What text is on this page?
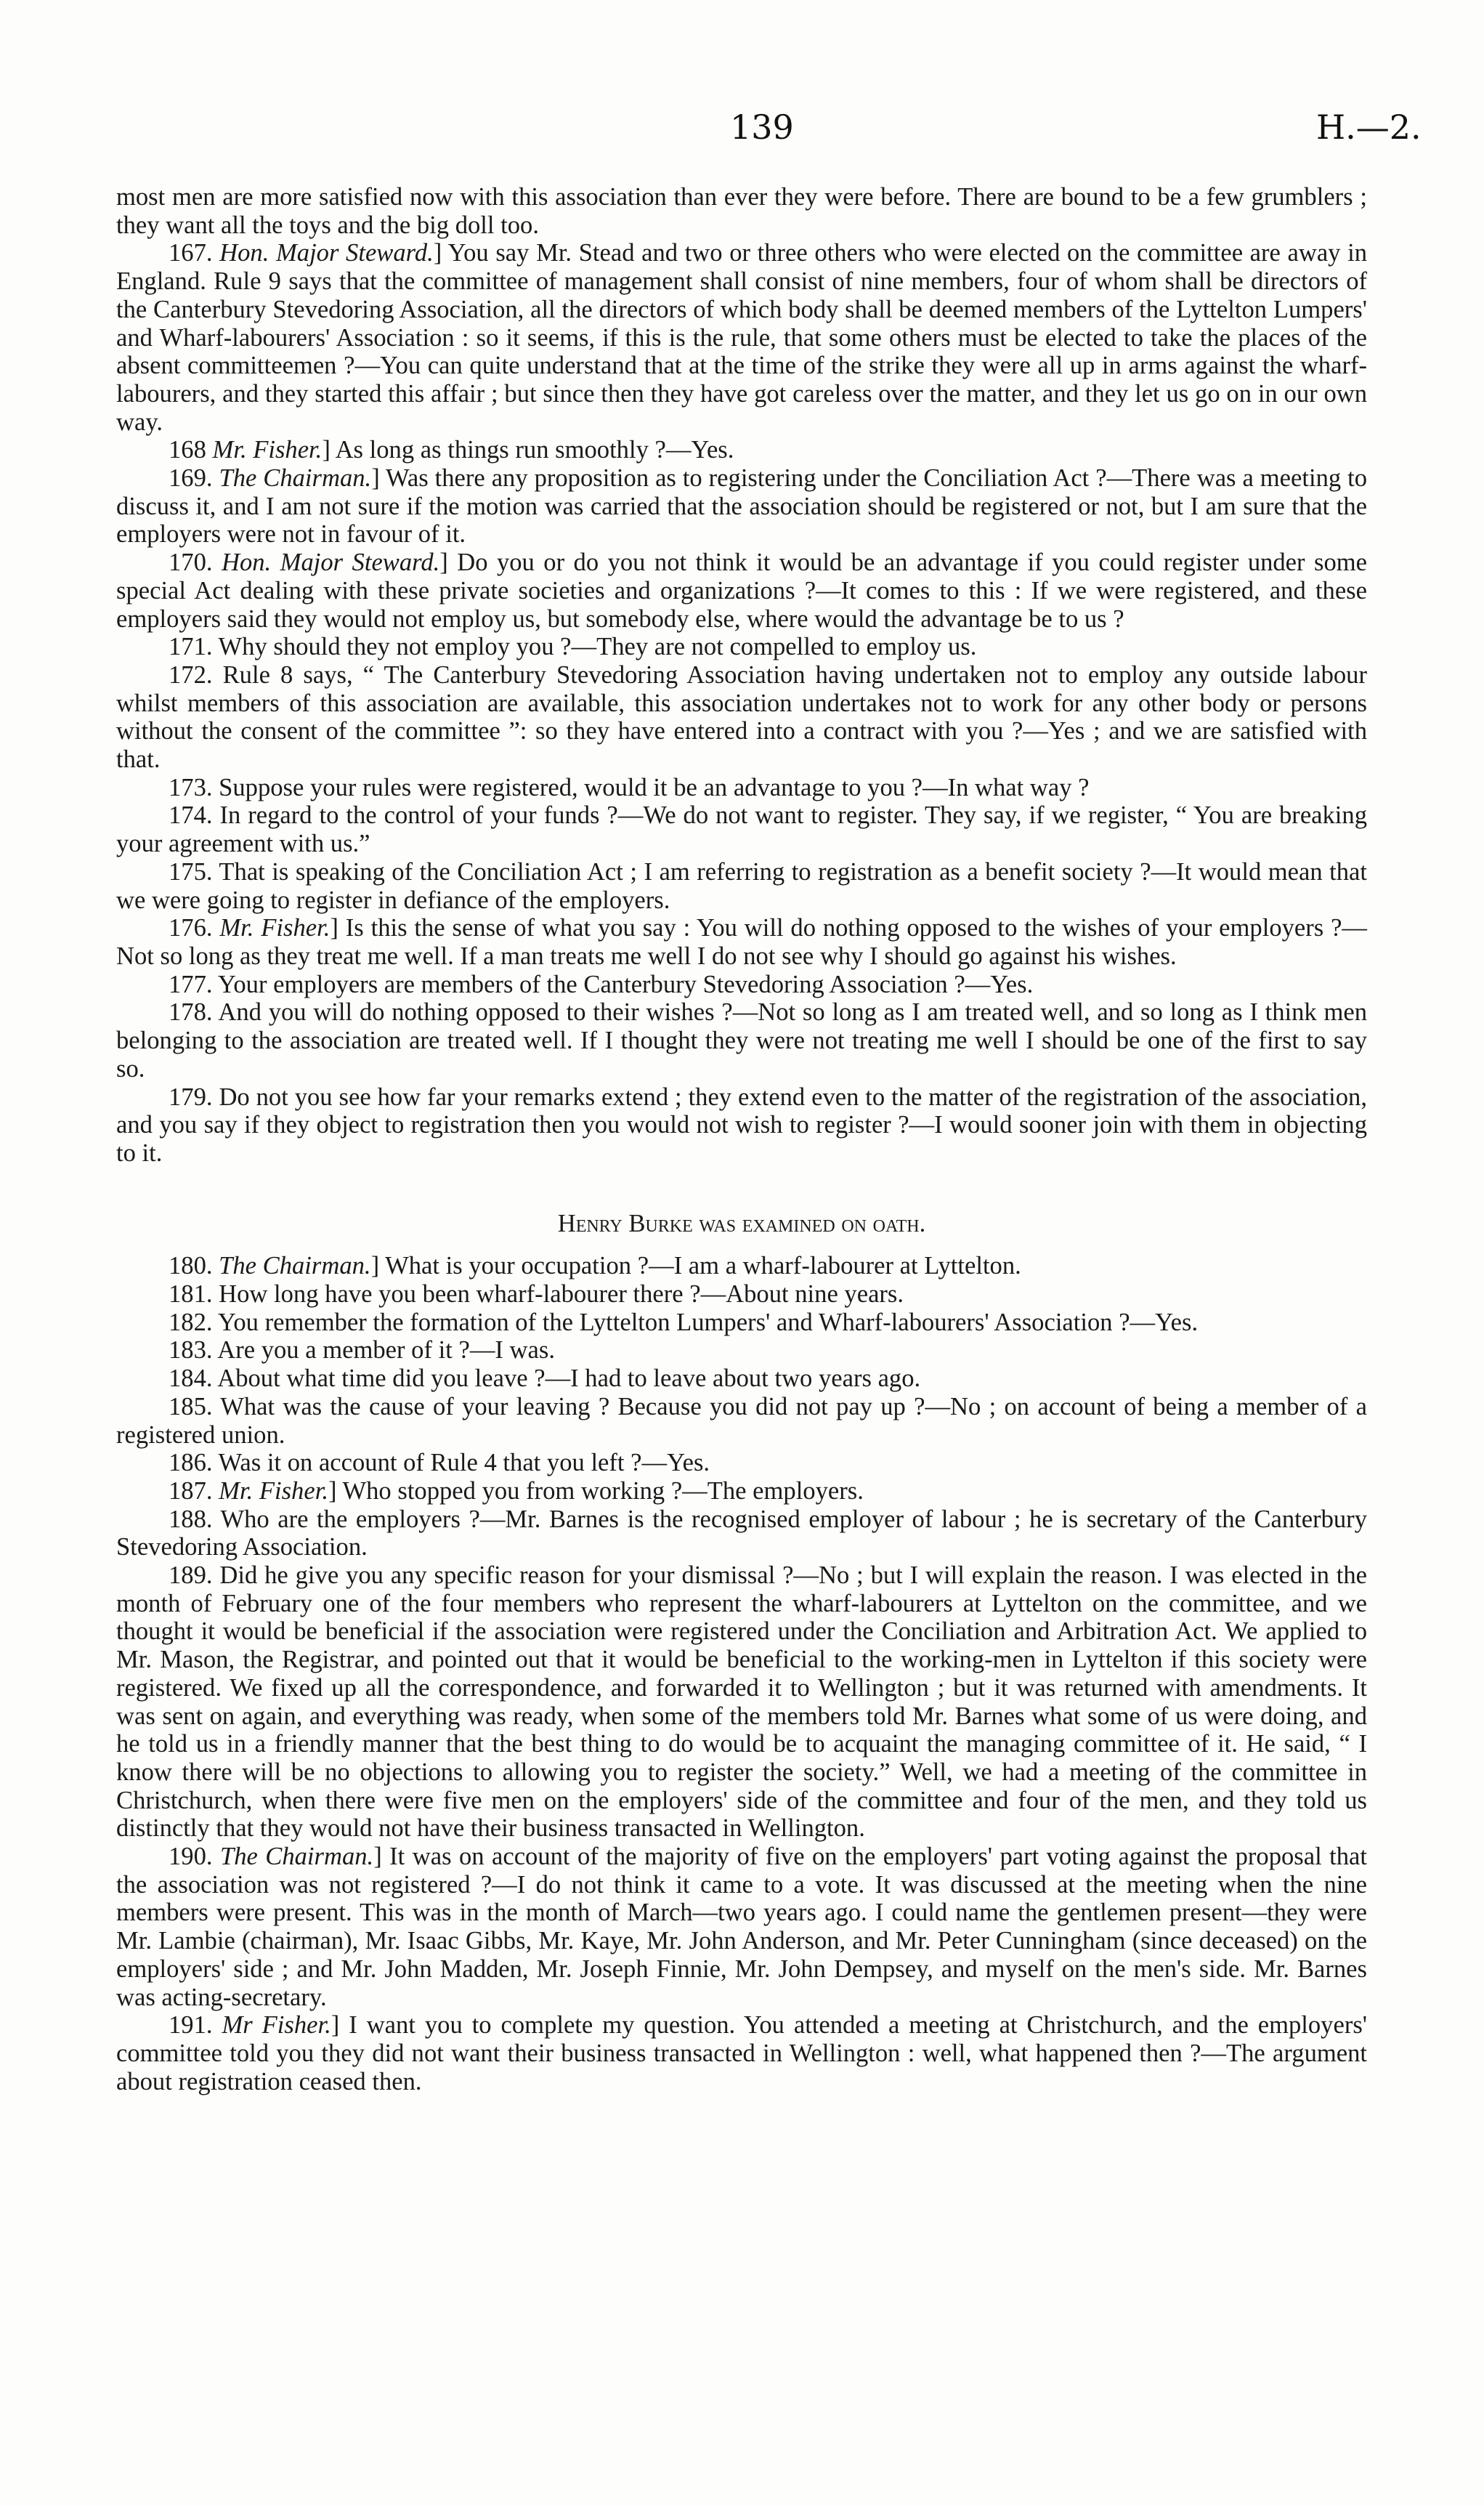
139	H.—2.

most men are more satisfied now with this association than ever they were before. There are bound to be a few grumblers ; they want all the toys and the big doll too.

167. Hon. Major Steward.] You say Mr. Stead and two or three others who were elected on the committee are away in England. Rule 9 says that the committee of management shall consist of nine members, four of whom shall be directors of the Canterbury Stevedoring Association, all the directors of which body shall be deemed members of the Lyttelton Lumpers' and Wharf-labourers' Association : so it seems, if this is the rule, that some others must be elected to take the places of the absent committeemen ?—You can quite understand that at the time of the strike they were all up in arms against the wharf-labourers, and they started this affair ; but since then they have got careless over the matter, and they let us go on in our own way.

168 Mr. Fisher.] As long as things run smoothly ?—Yes.

169. The Chairman.] Was there any proposition as to registering under the Conciliation Act ?—There was a meeting to discuss it, and I am not sure if the motion was carried that the association should be registered or not, but I am sure that the employers were not in favour of it.

170. Hon. Major Steward.] Do you or do you not think it would be an advantage if you could register under some special Act dealing with these private societies and organizations ?—It comes to this : If we were registered, and these employers said they would not employ us, but somebody else, where would the advantage be to us ?

171. Why should they not employ you ?—They are not compelled to employ us.

172. Rule 8 says, “ The Canterbury Stevedoring Association having undertaken not to employ any outside labour whilst members of this association are available, this association undertakes not to work for any other body or persons without the consent of the committee ”: so they have entered into a contract with you ?—Yes ; and we are satisfied with that.

173. Suppose your rules were registered, would it be an advantage to you ?—In what way ?

174. In regard to the control of your funds ?—We do not want to register. They say, if we register, “ You are breaking your agreement with us.”

175. That is speaking of the Conciliation Act ; I am referring to registration as a benefit society ?—It would mean that we were going to register in defiance of the employers.

176. Mr. Fisher.] Is this the sense of what you say : You will do nothing opposed to the wishes of your employers ?—Not so long as they treat me well. If a man treats me well I do not see why I should go against his wishes.

177. Your employers are members of the Canterbury Stevedoring Association ?—Yes.

178. And you will do nothing opposed to their wishes ?—Not so long as I am treated well, and so long as I think men belonging to the association are treated well. If I thought they were not treating me well I should be one of the first to say so.

179. Do not you see how far your remarks extend ; they extend even to the matter of the registration of the association, and you say if they object to registration then you would not wish to register ?—I would sooner join with them in objecting to it.

Henry Burke was examined on oath.

180. The Chairman.] What is your occupation ?—I am a wharf-labourer at Lyttelton.

181. How long have you been wharf-labourer there ?—About nine years.

182. You remember the formation of the Lyttelton Lumpers' and Wharf-labourers' Association ?—Yes.

183. Are you a member of it ?—I was.

184. About what time did you leave ?—I had to leave about two years ago.

185. What was the cause of your leaving ? Because you did not pay up ?—No ; on account of being a member of a registered union.

186. Was it on account of Rule 4 that you left ?—Yes.

187. Mr. Fisher.] Who stopped you from working ?—The employers.

188. Who are the employers ?—Mr. Barnes is the recognised employer of labour ; he is secretary of the Canterbury Stevedoring Association.

189. Did he give you any specific reason for your dismissal ?—No ; but I will explain the reason. I was elected in the month of February one of the four members who represent the wharf-labourers at Lyttelton on the committee, and we thought it would be beneficial if the association were registered under the Conciliation and Arbitration Act. We applied to Mr. Mason, the Registrar, and pointed out that it would be beneficial to the working-men in Lyttelton if this society were registered. We fixed up all the correspondence, and forwarded it to Wellington ; but it was returned with amendments. It was sent on again, and everything was ready, when some of the members told Mr. Barnes what some of us were doing, and he told us in a friendly manner that the best thing to do would be to acquaint the managing committee of it. He said, “ I know there will be no objections to allowing you to register the society.” Well, we had a meeting of the committee in Christchurch, when there were five men on the employers' side of the committee and four of the men, and they told us distinctly that they would not have their business transacted in Wellington.

190. The Chairman.] It was on account of the majority of five on the employers' part voting against the proposal that the association was not registered ?—I do not think it came to a vote. It was discussed at the meeting when the nine members were present. This was in the month of March—two years ago. I could name the gentlemen present—they were Mr. Lambie (chairman), Mr. Isaac Gibbs, Mr. Kaye, Mr. John Anderson, and Mr. Peter Cunningham (since deceased) on the employers' side ; and Mr. John Madden, Mr. Joseph Finnie, Mr. John Dempsey, and myself on the men's side. Mr. Barnes was acting-secretary.

191. Mr Fisher.] I want you to complete my question. You attended a meeting at Christchurch, and the employers' committee told you they did not want their business transacted in Wellington : well, what happened then ?—The argument about registration ceased then.
